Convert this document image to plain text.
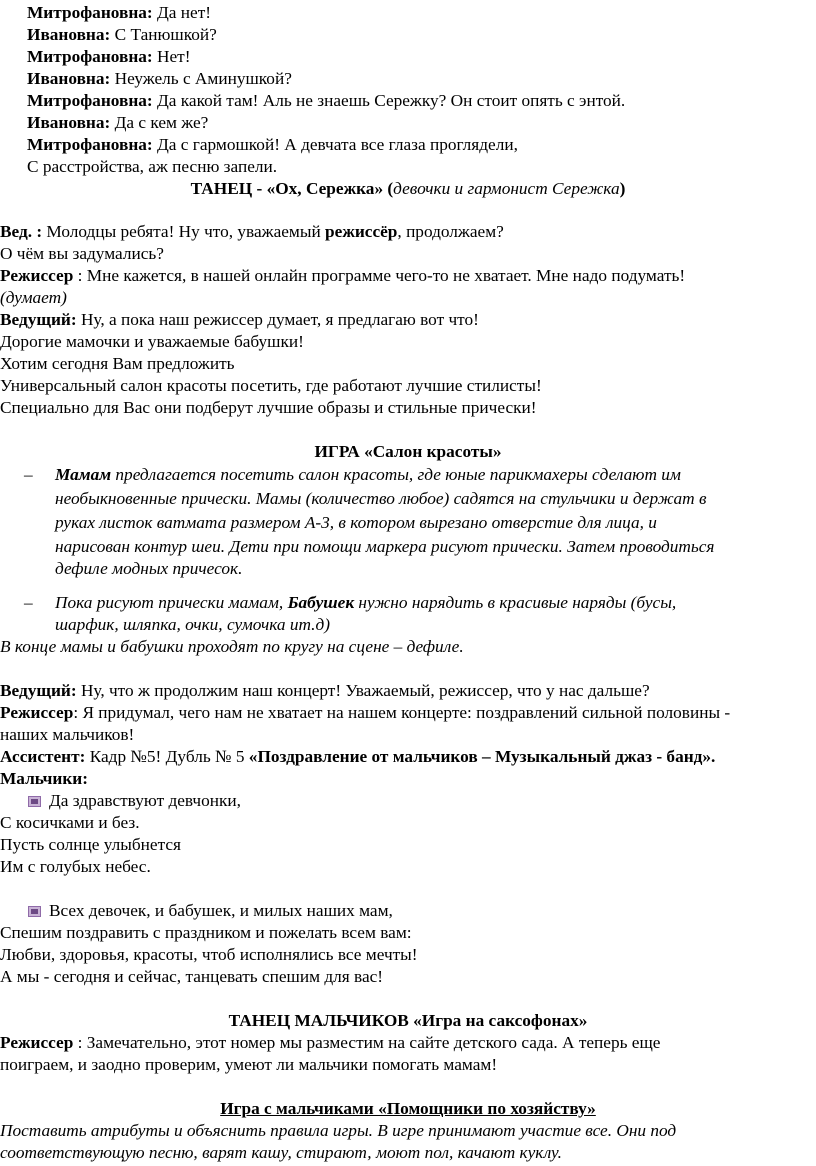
Митрофановна: Да нет!
Ивановна: С Танюшкой?
Митрофановна: Нет!
Ивановна: Неужель с Аминушкой?
Митрофановна: Да какой там! Аль не знаешь Сережку? Он стоит опять с энтой.
Ивановна: Да с кем же?
Митрофановна: Да с гармошкой! А девчата все глаза проглядели,
С расстройства, аж песню запели.
ТАНЕЦ - «Ох, Сережка» (девочки и гармонист Сережка)
Вед. : Молодцы ребята! Ну что, уважаемый режиссёр, продолжаем?
О чём вы задумались?
Режиссер : Мне кажется, в нашей онлайн программе чего-то не хватает. Мне надо подумать!
(думает)
Ведущий: Ну, а пока наш режиссер думает, я предлагаю вот что!
Дорогие мамочки и уважаемые бабушки!
Хотим сегодня Вам предложить
Универсальный салон красоты посетить, где работают лучшие стилисты!
Специально для Вас они подберут лучшие образы и стильные прически!
ИГРА «Салон красоты»
– Мамам предлагается посетить салон красоты, где юные парикмахеры сделают им
необыкновенные прически. Мамы (количество любое) садятся на стульчики и держат в
руках листок ватмата размером А-3, в котором вырезано отверстие для лица, и
нарисован контур шеи. Дети при помощи маркера рисуют прически. Затем проводиться
дефиле модных причесок.
– Пока рисуют прически мамам, Бабушек нужно нарядить в красивые наряды (бусы,
шарфик, шляпка, очки, сумочка ит.д)
В конце мамы и бабушки проходят по кругу на сцене – дефиле.
Ведущий: Ну, что ж продолжим наш концерт! Уважаемый, режиссер, что у нас дальше?
Режиссер: Я придумал, чего нам не хватает на нашем концерте: поздравлений сильной половины -
наших мальчиков!
Ассистент: Кадр №5! Дубль № 5 «Поздравление от мальчиков – Музыкальный джаз - банд».
Мальчики:
Да здравствуют девчонки,
С косичками и без.
Пусть солнце улыбнется
Им с голубых небес.
Всех девочек, и бабушек, и милых наших мам,
Спешим поздравить с праздником и пожелать всем вам:
Любви, здоровья, красоты, чтоб исполнялись все мечты!
А мы - сегодня и сейчас, танцевать спешим для вас!
ТАНЕЦ МАЛЬЧИКОВ «Игра на саксофонах»
Режиссер : Замечательно, этот номер мы разместим на сайте детского сада. А теперь еще
поиграем, и заодно проверим, умеют ли мальчики помогать мамам!
Игра с мальчиками «Помощники по хозяйству»
Поставить атрибуты и объяснить правила игры. В игре принимают участие все. Они под
соответствующую песню, варят кашу, стирают, моют пол, качают куклу.
